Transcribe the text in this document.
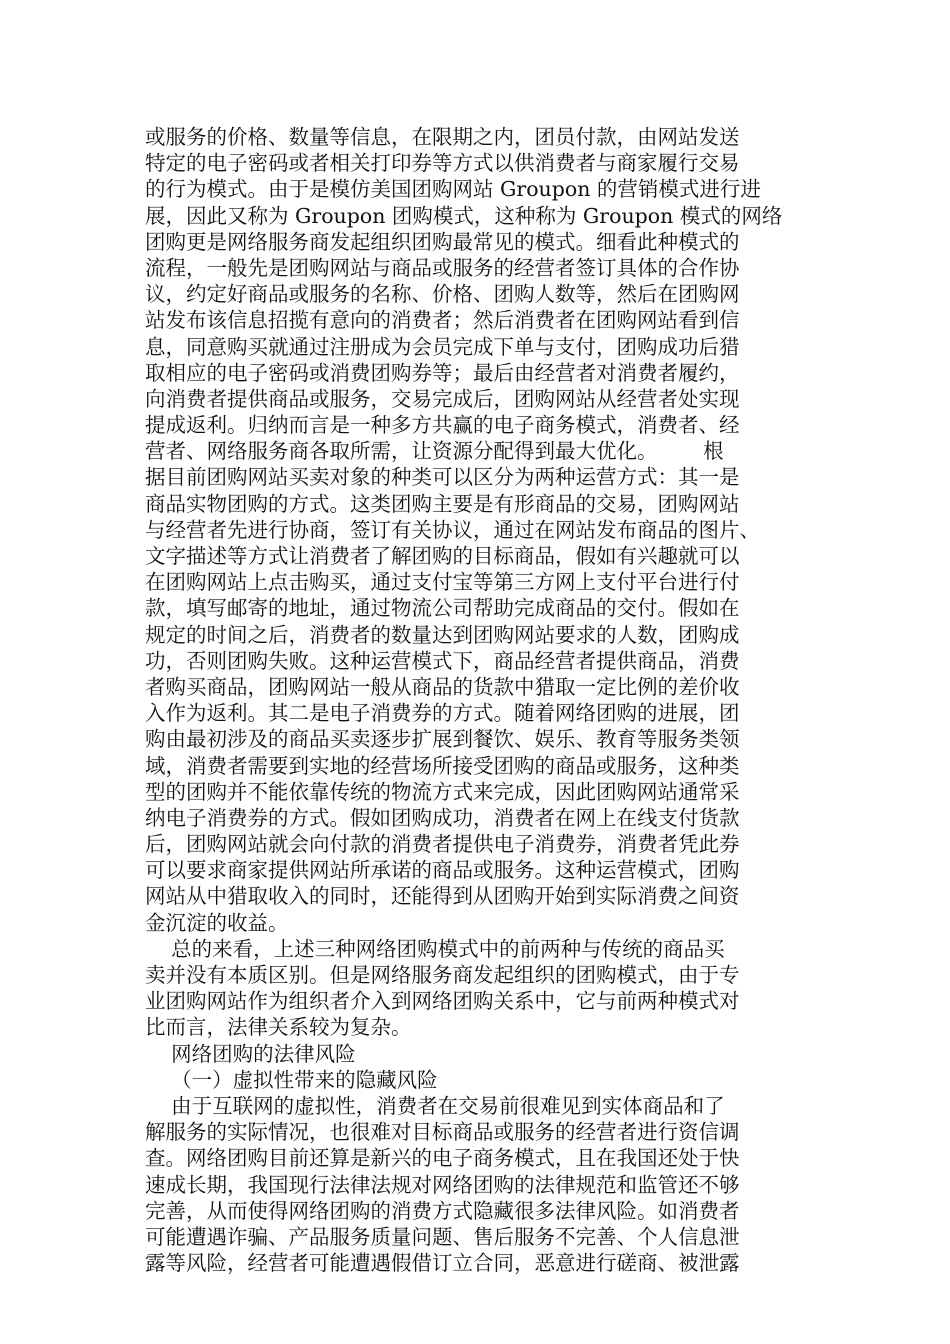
或服务的价格、数量等信息，在限期之内，团员付款，由网站发送
特定的电子密码或者相关打印券等方式以供消费者与商家履行交易
的行为模式。由于是模仿美国团购网站 Groupon 的营销模式进行进
展，因此又称为 Groupon 团购模式，这种称为 Groupon 模式的网络
团购更是网络服务商发起组织团购最常见的模式。细看此种模式的
流程，一般先是团购网站与商品或服务的经营者签订具体的合作协
议，约定好商品或服务的名称、价格、团购人数等，然后在团购网
站发布该信息招揽有意向的消费者；然后消费者在团购网站看到信
息，同意购买就通过注册成为会员完成下单与支付，团购成功后猎
取相应的电子密码或消费团购券等；最后由经营者对消费者履约，
向消费者提供商品或服务，交易完成后，团购网站从经营者处实现
提成返利。归纳而言是一种多方共赢的电子商务模式，消费者、经
营者、网络服务商各取所需，让资源分配得到最大优化。       根
据目前团购网站买卖对象的种类可以区分为两种运营方式：其一是
商品实物团购的方式。这类团购主要是有形商品的交易，团购网站
与经营者先进行协商，签订有关协议，通过在网站发布商品的图片、
文字描述等方式让消费者了解团购的目标商品，假如有兴趣就可以
在团购网站上点击购买，通过支付宝等第三方网上支付平台进行付
款，填写邮寄的地址，通过物流公司帮助完成商品的交付。假如在
规定的时间之后，消费者的数量达到团购网站要求的人数，团购成
功，否则团购失败。这种运营模式下，商品经营者提供商品，消费
者购买商品，团购网站一般从商品的货款中猎取一定比例的差价收
入作为返利。其二是电子消费券的方式。随着网络团购的进展，团
购由最初涉及的商品买卖逐步扩展到餐饮、娱乐、教育等服务类领
域，消费者需要到实地的经营场所接受团购的商品或服务，这种类
型的团购并不能依靠传统的物流方式来完成，因此团购网站通常采
纳电子消费券的方式。假如团购成功，消费者在网上在线支付货款
后，团购网站就会向付款的消费者提供电子消费券，消费者凭此券
可以要求商家提供网站所承诺的商品或服务。这种运营模式，团购
网站从中猎取收入的同时，还能得到从团购开始到实际消费之间资
金沉淀的收益。
总的来看，上述三种网络团购模式中的前两种与传统的商品买
卖并没有本质区别。但是网络服务商发起组织的团购模式，由于专
业团购网站作为组织者介入到网络团购关系中，它与前两种模式对
比而言，法律关系较为复杂。
网络团购的法律风险
（一）虚拟性带来的隐藏风险
由于互联网的虚拟性，消费者在交易前很难见到实体商品和了
解服务的实际情况，也很难对目标商品或服务的经营者进行资信调
查。网络团购目前还算是新兴的电子商务模式，且在我国还处于快
速成长期，我国现行法律法规对网络团购的法律规范和监管还不够
完善，从而使得网络团购的消费方式隐藏很多法律风险。如消费者
可能遭遇诈骗、产品服务质量问题、售后服务不完善、个人信息泄
露等风险，经营者可能遭遇假借订立合同，恶意进行磋商、被泄露
